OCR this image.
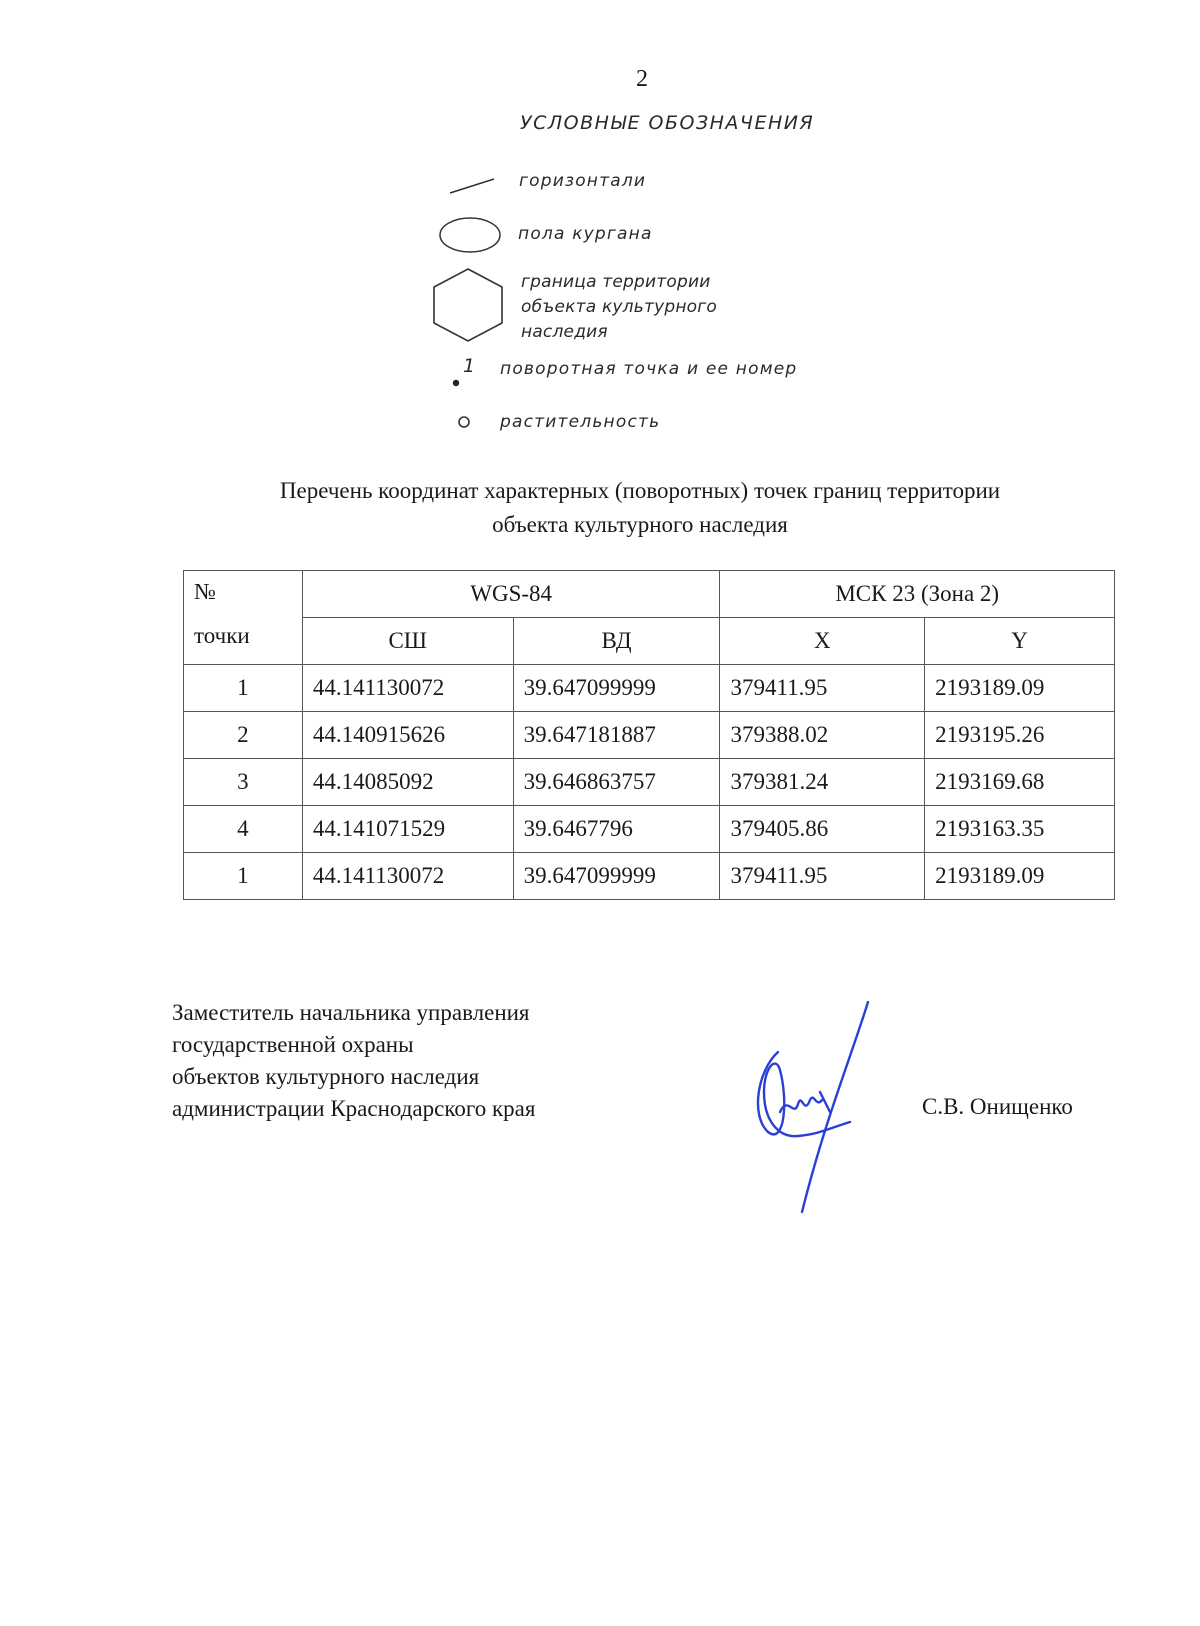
2
УСЛОВНЫЕ ОБОЗНАЧЕНИЯ
горизонтали
пола кургана
граница территории
объекта культурного
наследия
1 поворотная точка и ее номер
растительность
Перечень координат характерных (поворотных) точек границ территории
объекта культурного наследия
№
точки	WGS-84		МСК 23 (Зона 2)	
	СШ	ВД	X	Y
1	44.141130072	39.647099999	379411.95	2193189.09
2	44.140915626	39.647181887	379388.02	2193195.26
3	44.14085092	39.646863757	379381.24	2193169.68
4	44.141071529	39.6467796	379405.86	2193163.35
1	44.141130072	39.647099999	379411.95	2193189.09
Заместитель начальника управления
государственной охраны
объектов культурного наследия
администрации Краснодарского края	С.В. Онищенко
